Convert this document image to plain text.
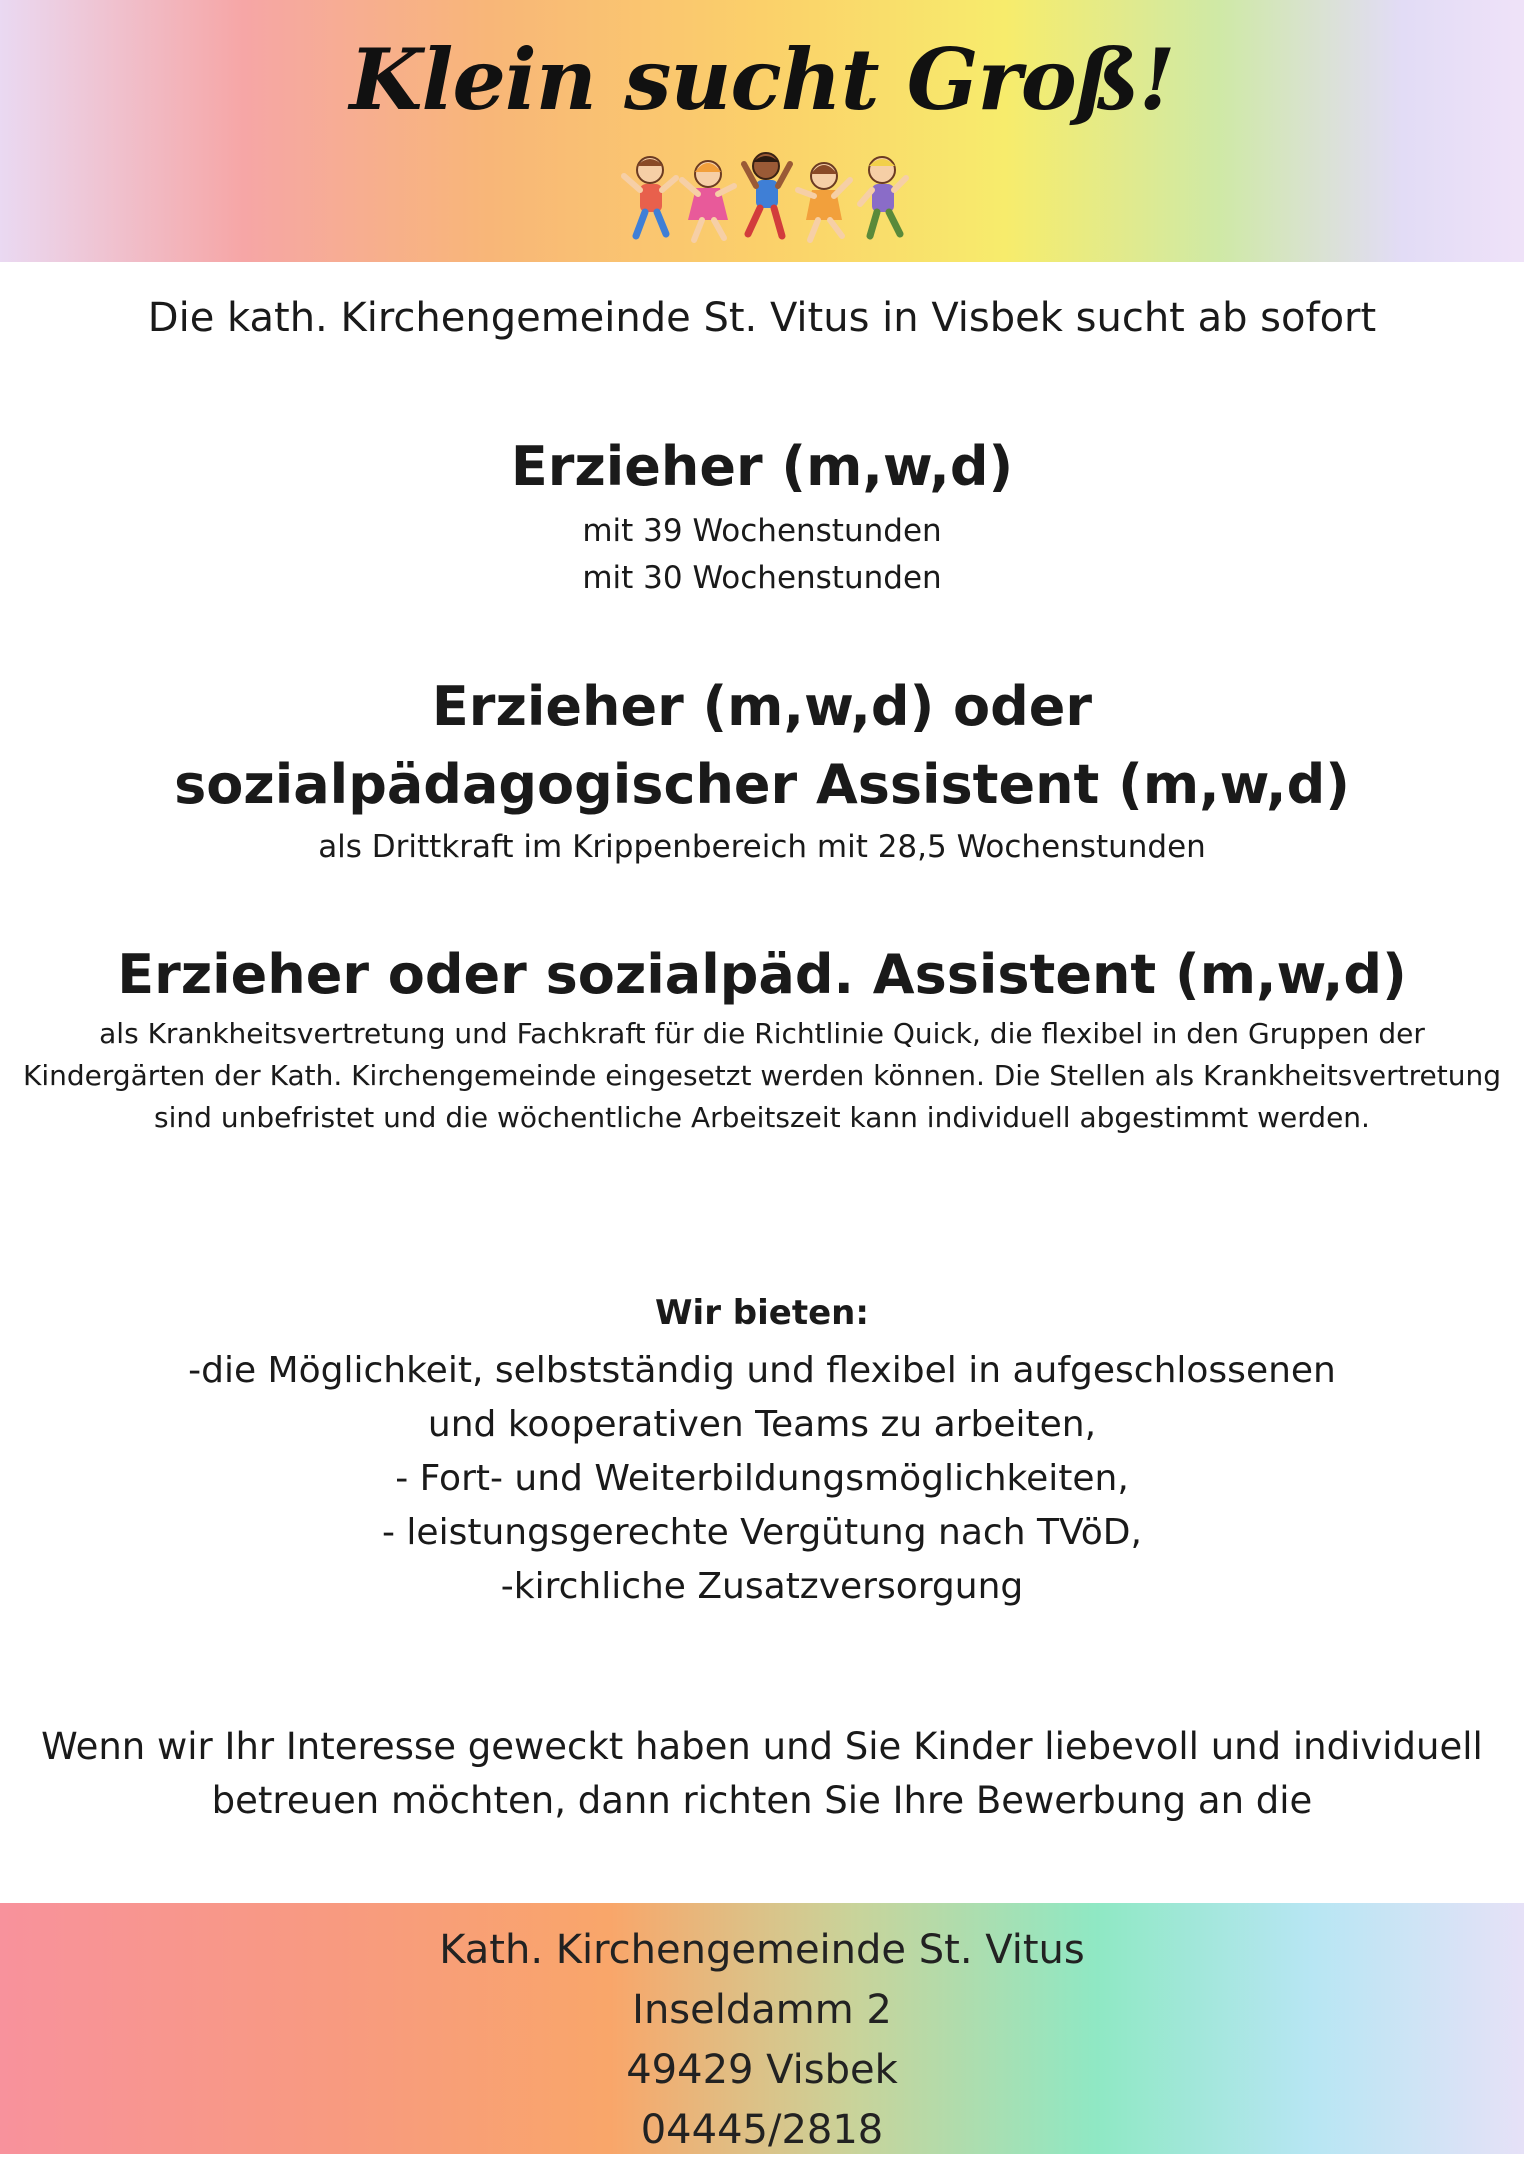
Klein sucht Groß!

Die kath. Kirchengemeinde St. Vitus in Visbek sucht ab sofort

Erzieher (m,w,d)

mit 39 Wochenstunden

mit 30 Wochenstunden

Erzieher (m,w,d) oder

sozialpädagogischer Assistent (m,w,d)

als Drittkraft im Krippenbereich mit 28,5 Wochenstunden

Erzieher oder sozialpäd. Assistent (m,w,d)

als Krankheitsvertretung und Fachkraft für die Richtlinie Quick, die flexibel in den Gruppen der Kindergärten der Kath. Kirchengemeinde eingesetzt werden können. Die Stellen als Krankheitsvertretung sind unbefristet und die wöchentliche Arbeitszeit kann individuell abgestimmt werden.

Wir bieten:

-die Möglichkeit, selbstständig und flexibel in aufgeschlossenen
und kooperativen Teams zu arbeiten,
- Fort- und Weiterbildungsmöglichkeiten,
- leistungsgerechte Vergütung nach TVöD,
-kirchliche Zusatzversorgung

Wenn wir Ihr Interesse geweckt haben und Sie Kinder liebevoll und individuell betreuen möchten, dann richten Sie Ihre Bewerbung an die

Kath. Kirchengemeinde St. Vitus
Inseldamm 2
49429 Visbek
04445/2818
